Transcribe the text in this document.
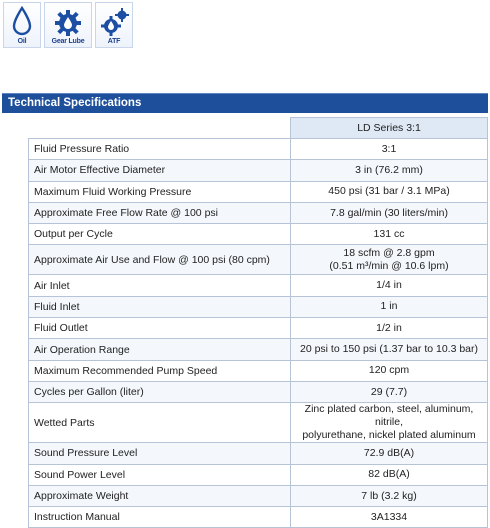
Oil	Gear Lube	ATF
Technical Specifications
	LD Series 3:1
Fluid Pressure Ratio	3:1
Air Motor Effective Diameter	3 in (76.2 mm)
Maximum Fluid Working Pressure	450 psi (31 bar / 3.1 MPa)
Approximate Free Flow Rate @ 100 psi	7.8 gal/min (30 liters/min)
Output per Cycle	131 cc
Approximate Air Use and Flow @ 100 psi (80 cpm)	18 scfm @ 2.8 gpm
(0.51 m³/min @ 10.6 lpm)

Air Inlet	1/4 in
Fluid Inlet	1 in
Fluid Outlet	1/2 in
Air Operation Range	20 psi to 150 psi (1.37 bar to 10.3 bar)
Maximum Recommended Pump Speed	120 cpm
Cycles per Gallon (liter)	29 (7.7)
Wetted Parts	Zinc plated carbon, steel, aluminum, nitrile,
polyurethane, nickel plated aluminum

Sound Pressure Level	72.9 dB(A)
Sound Power Level	82 dB(A)
Approximate Weight	7 lb (3.2 kg)
Instruction Manual	3A1334
